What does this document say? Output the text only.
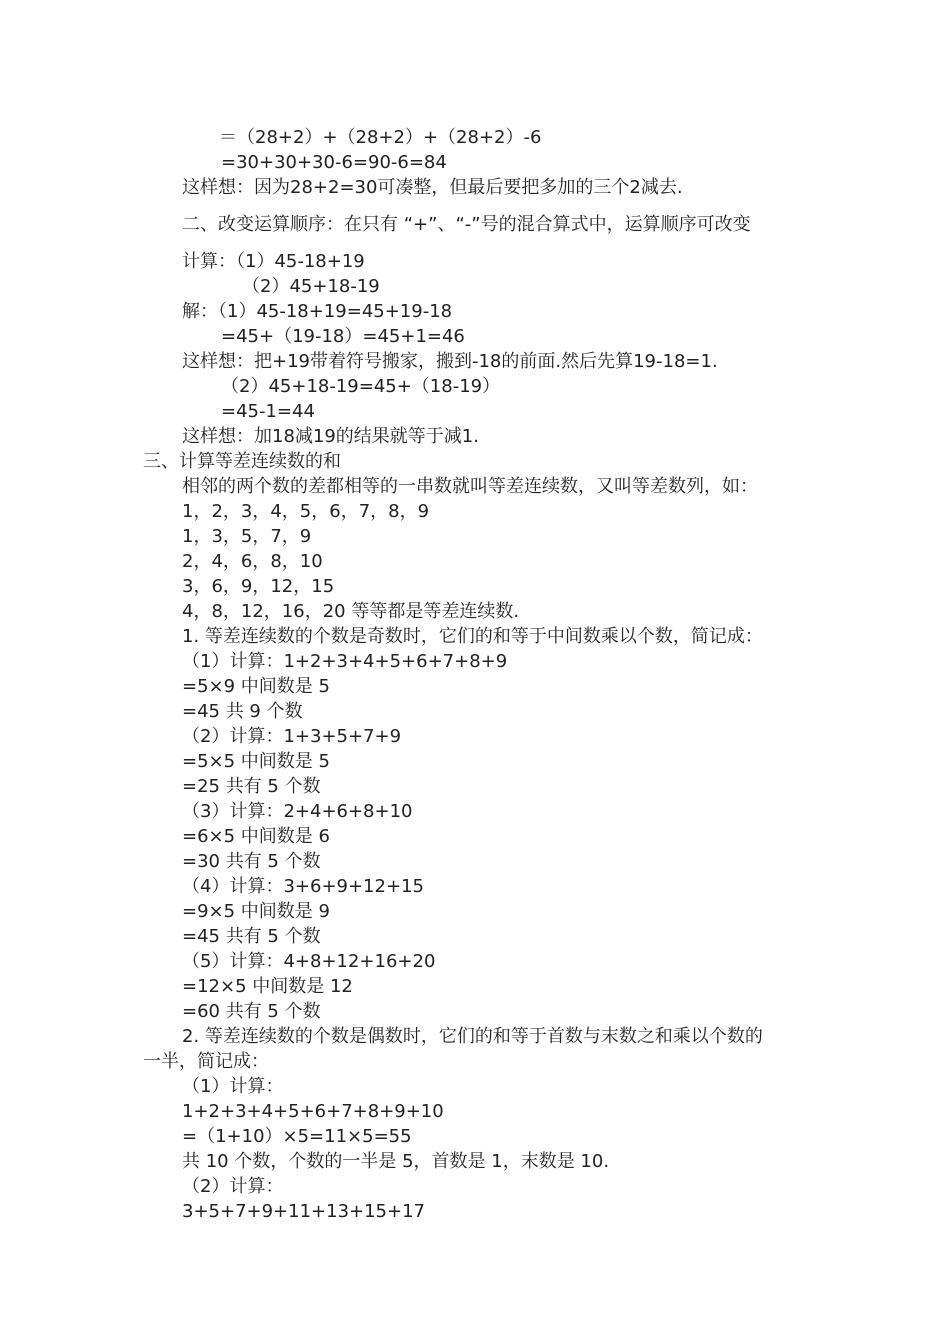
＝（28+2）+（28+2）+（28+2）-6
=30+30+30-6=90-6=84
这样想：因为28+2=30可凑整，但最后要把多加的三个2减去.
二、改变运算顺序：在只有 “+”、“-”号的混合算式中，运算顺序可改变
计算：（1）45-18+19
（2）45+18-19
解：（1）45-18+19=45+19-18
=45+（19-18）=45+1=46
这样想：把+19带着符号搬家，搬到-18的前面.然后先算19-18=1.
（2）45+18-19=45+（18-19）
=45-1=44
这样想：加18减19的结果就等于减1.
三、计算等差连续数的和
相邻的两个数的差都相等的一串数就叫等差连续数，又叫等差数列，如：
1，2，3，4，5，6，7，8，9
1，3，5，7，9
2，4，6，8，10
3，6，9，12，15
4，8，12，16，20 等等都是等差连续数.
1. 等差连续数的个数是奇数时，它们的和等于中间数乘以个数，简记成：
（1）计算：1+2+3+4+5+6+7+8+9
=5×9 中间数是 5
=45 共 9 个数
（2）计算：1+3+5+7+9
=5×5 中间数是 5
=25 共有 5 个数
（3）计算：2+4+6+8+10
=6×5 中间数是 6
=30 共有 5 个数
（4）计算：3+6+9+12+15
=9×5 中间数是 9
=45 共有 5 个数
（5）计算：4+8+12+16+20
=12×5 中间数是 12
=60 共有 5 个数
2. 等差连续数的个数是偶数时，它们的和等于首数与末数之和乘以个数的
一半，简记成：
（1）计算：
1+2+3+4+5+6+7+8+9+10
=（1+10）×5=11×5=55
共 10 个数，个数的一半是 5，首数是 1，末数是 10.
（2）计算：
3+5+7+9+11+13+15+17
